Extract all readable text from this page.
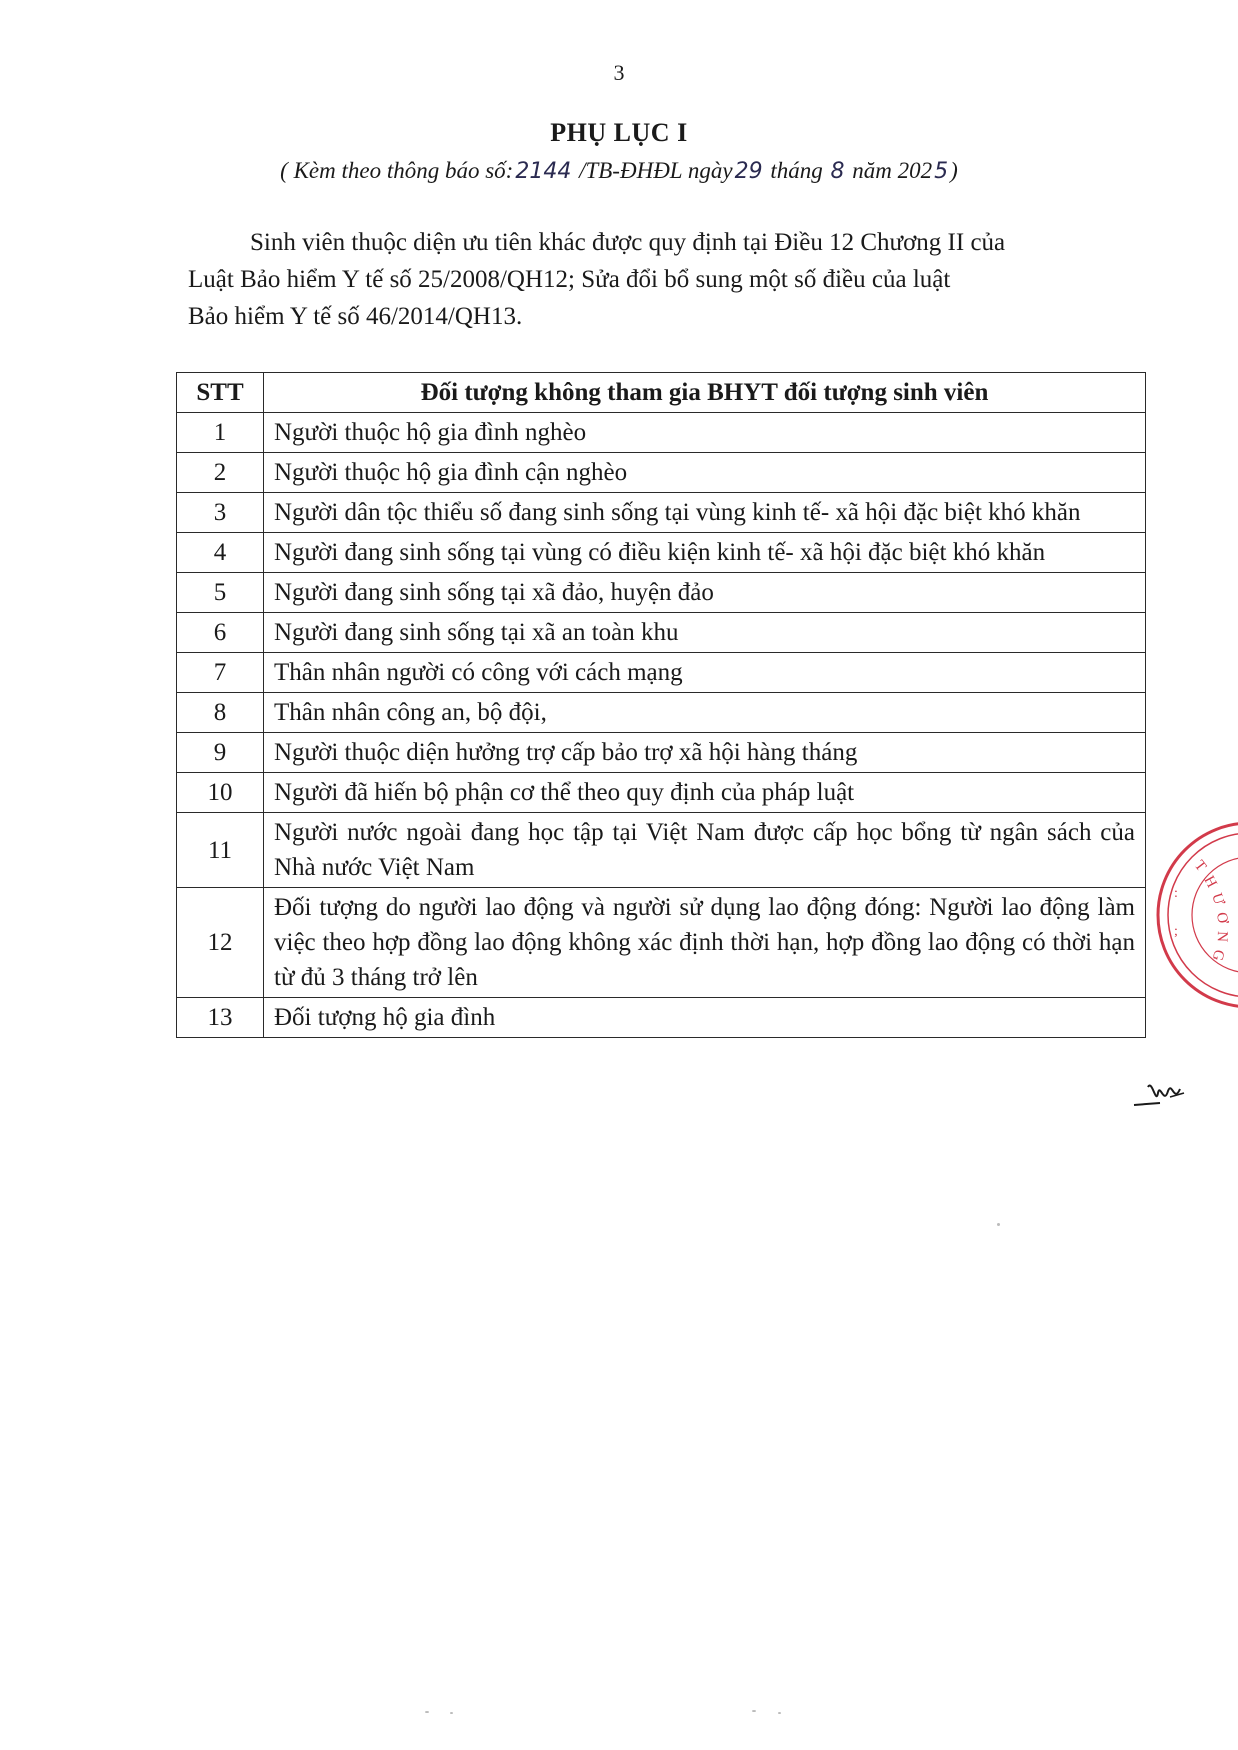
3
PHỤ LỤC I
( Kèm theo thông báo số:2144 /TB-ĐHĐL ngày29 tháng 8 năm 2025)

Sinh viên thuộc diện ưu tiên khác được quy định tại Điều 12 Chương II của

Luật Bảo hiểm Y tế số 25/2008/QH12; Sửa đổi bổ sung một số điều của luật

Bảo hiểm Y tế số 46/2014/QH13.

STT	Đối tượng không tham gia BHYT đối tượng sinh viên
1	Người thuộc hộ gia đình nghèo
2	Người thuộc hộ gia đình cận nghèo
3	Người dân tộc thiểu số đang sinh sống tại vùng kinh tế- xã hội đặc biệt khó khăn
4	Người đang sinh sống tại vùng có điều kiện kinh tế- xã hội đặc biệt khó khăn
5	Người đang sinh sống tại xã đảo, huyện đảo
6	Người đang sinh sống tại xã an toàn khu
7	Thân nhân người có công với cách mạng
8	Thân nhân công an, bộ đội,
9	Người thuộc diện hưởng trợ cấp bảo trợ xã hội hàng tháng
10	Người đã hiến bộ phận cơ thể theo quy định của pháp luật
11	Người nước ngoài đang học tập tại Việt Nam được cấp học bổng từ ngân sách của Nhà nước Việt Nam
12	Đối tượng do người lao động và người sử dụng lao động đóng: Người lao động làm việc theo hợp đồng lao động không xác định thời hạn, hợp đồng lao động có thời hạn từ đủ 3 tháng trở lên
13	Đối tượng hộ gia đình
T
H
Ư
Ơ
N
G
:
;
